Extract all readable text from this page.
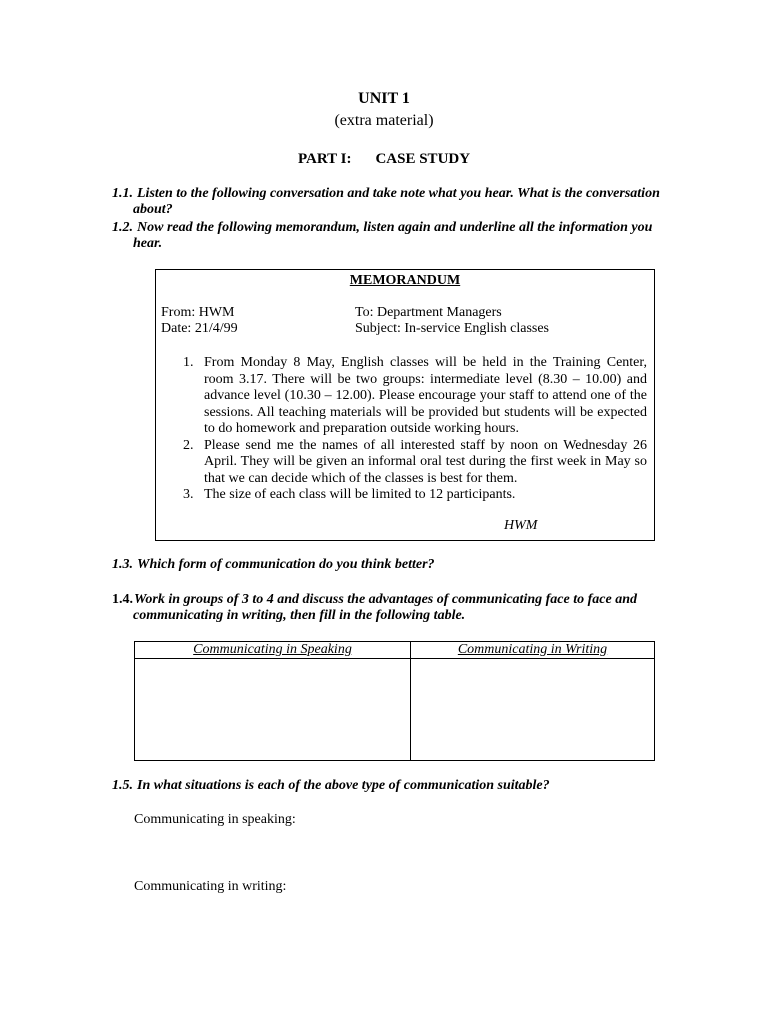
UNIT 1
(extra material)
PART I: CASE STUDY
1.1. Listen to the following conversation and take note what you hear. What is the conversation
about?
1.2. Now read the following memorandum, listen again and underline all the information you
hear.
MEMORANDUM
From: HWM
Date: 21/4/99
To: Department Managers
Subject: In-service English classes
1. From Monday 8 May, English classes will be held in the Training Center, room 3.17. There will be two groups: intermediate level (8.30 – 10.00) and advance level (10.30 – 12.00). Please encourage your staff to attend one of the sessions. All teaching materials will be provided but students will be expected to do homework and preparation outside working hours.
2. Please send me the names of all interested staff by noon on Wednesday 26 April. They will be given an informal oral test during the first week in May so that we can decide which of the classes is best for them.
3. The size of each class will be limited to 12 participants.
HWM
1.3. Which form of communication do you think better?
1.4.Work in groups of 3 to 4 and discuss the advantages of communicating face to face and
communicating in writing, then fill in the following table.
Communicating in Speaking	Communicating in Writing

1.5. In what situations is each of the above type of communication suitable?
Communicating in speaking:
Communicating in writing:
